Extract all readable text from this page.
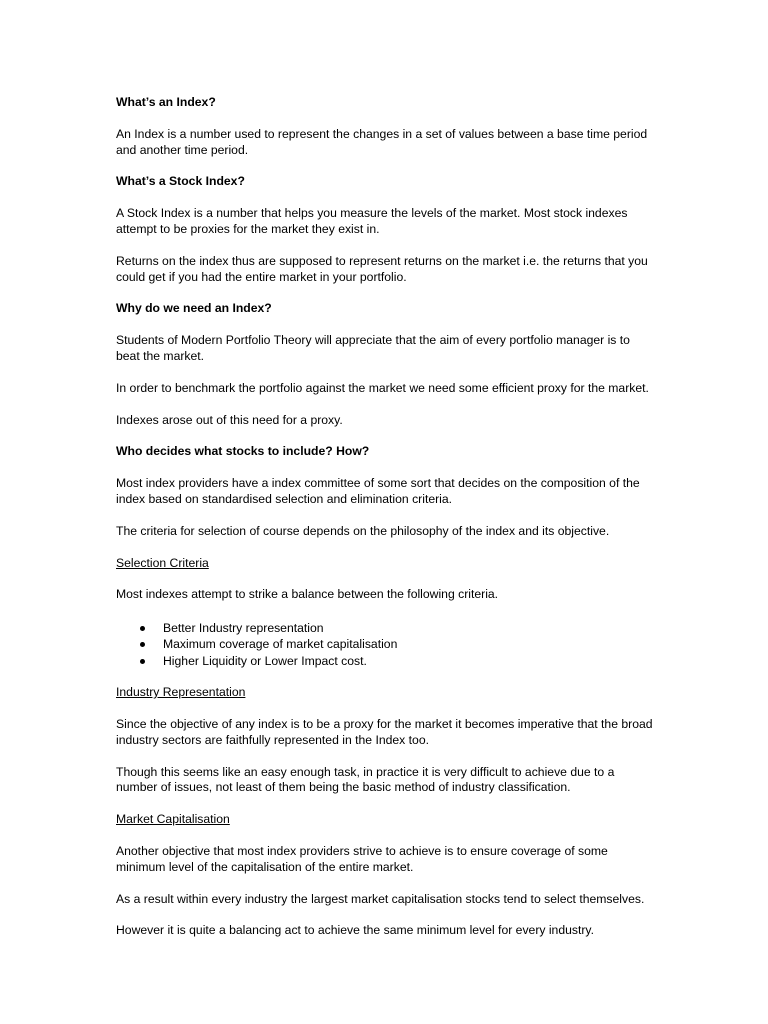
What’s an Index?

An Index is a number used to represent the changes in a set of values between a base time period and another time period.

What’s a Stock Index?

A Stock Index is a number that helps you measure the levels of the market. Most stock indexes attempt to be proxies for the market they exist in.

Returns on the index thus are supposed to represent returns on the market i.e. the returns that you could get if you had the entire market in your portfolio.

Why do we need an Index?

Students of Modern Portfolio Theory will appreciate that the aim of every portfolio manager is to beat the market.

In order to benchmark the portfolio against the market we need some efficient proxy for the market.

Indexes arose out of this need for a proxy.

Who decides what stocks to include? How?

Most index providers have a index committee of some sort that decides on the composition of the index based on standardised selection and elimination criteria.

The criteria for selection of course depends on the philosophy of the index and its objective.

Selection Criteria

Most indexes attempt to strike a balance between the following criteria.

Better Industry representation
Maximum coverage of market capitalisation
Higher Liquidity or Lower Impact cost.

Industry Representation

Since the objective of any index is to be a proxy for the market it becomes imperative that the broad industry sectors are faithfully represented in the Index too.

Though this seems like an easy enough task, in practice it is very difficult to achieve due to a number of issues, not least of them being the basic method of industry classification.

Market Capitalisation

Another objective that most index providers strive to achieve is to ensure coverage of some minimum level of the capitalisation of the entire market.

As a result within every industry the largest market capitalisation stocks tend to select themselves.

However it is quite a balancing act to achieve the same minimum level for every industry.
